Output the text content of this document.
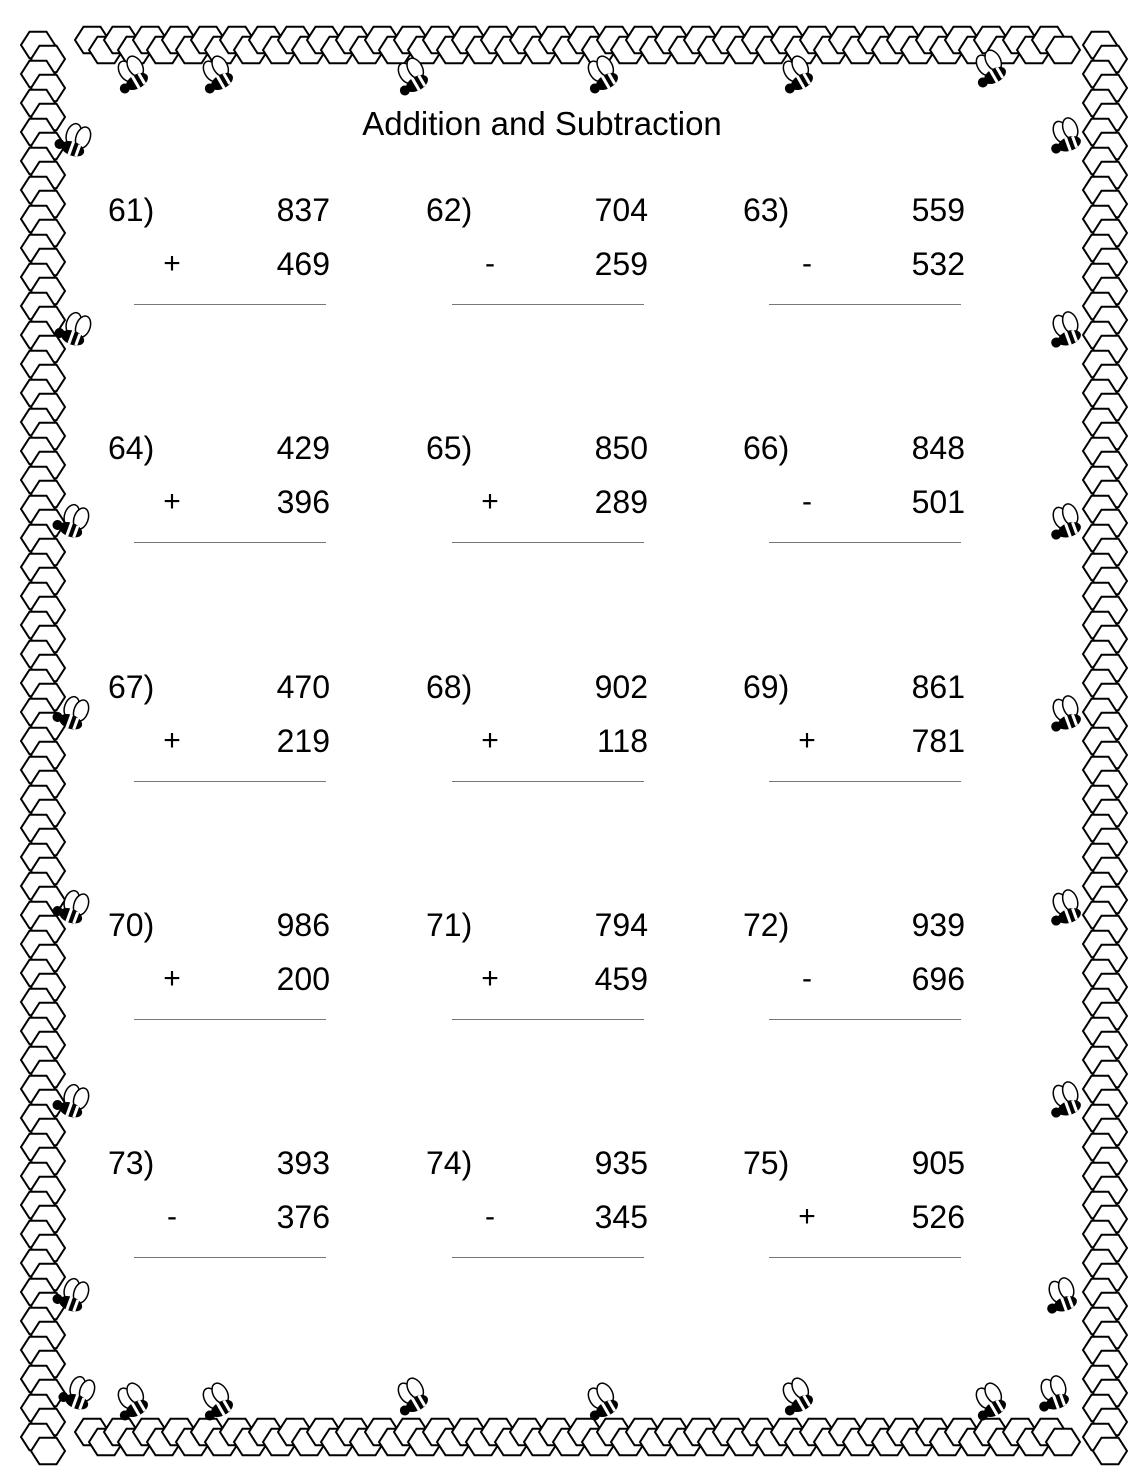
Addition and Subtraction
61)	837
+	469
62)	704
-	259
63)	559
-	532
64)	429
+	396
65)	850
+	289
66)	848
-	501
67)	470
+	219
68)	902
+	118
69)	861
+	781
70)	986
+	200
71)	794
+	459
72)	939
-	696
73)	393
-	376
74)	935
-	345
75)	905
+	526
